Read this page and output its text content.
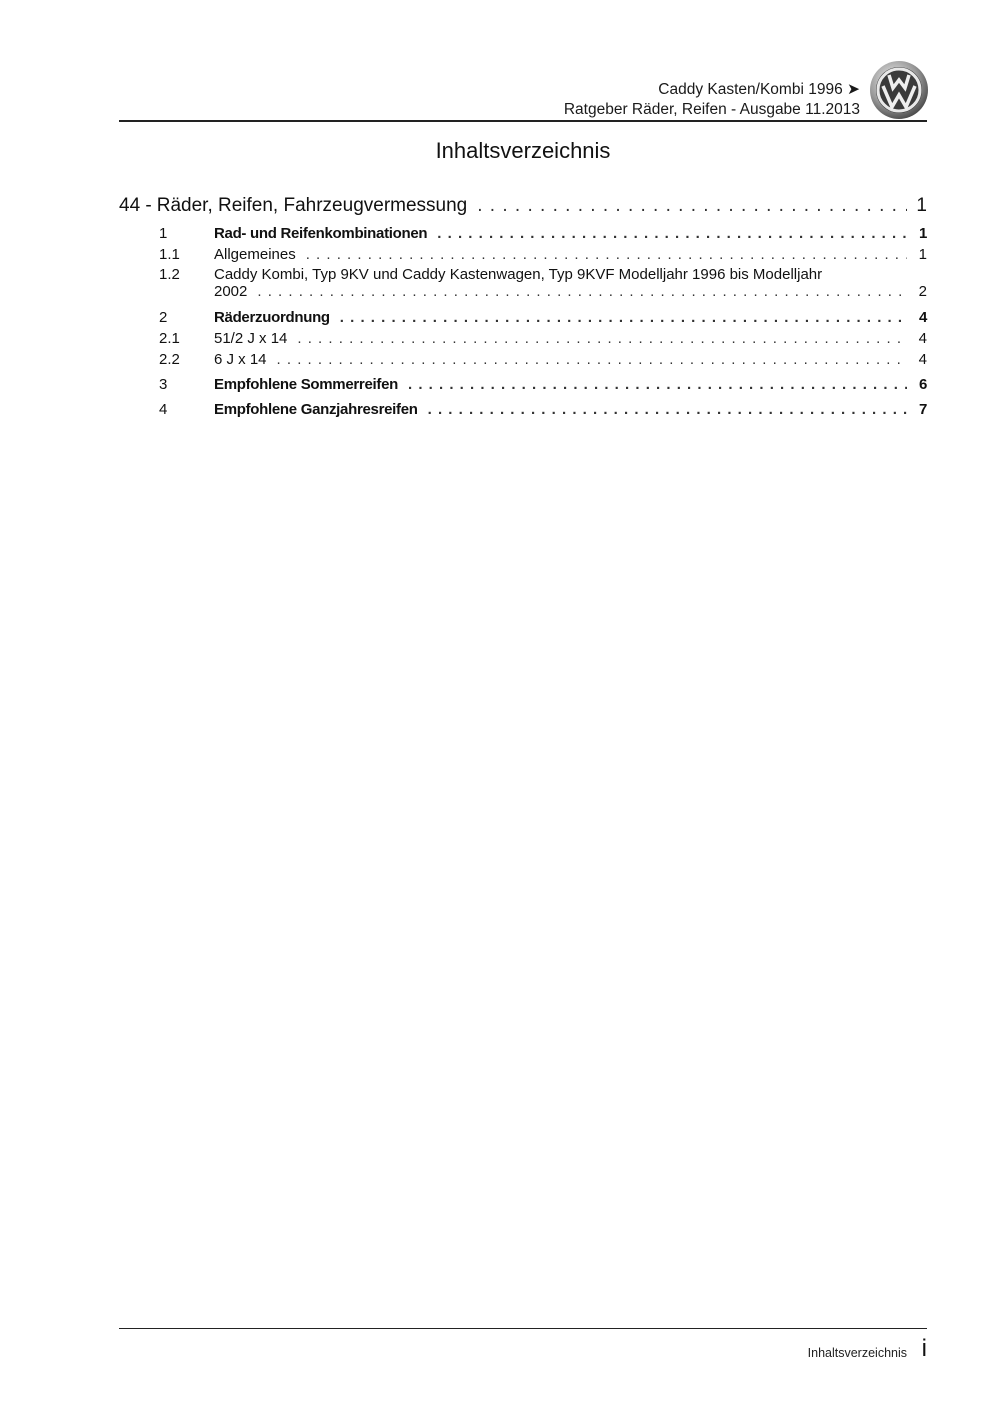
Caddy Kasten/Kombi 1996 ➤
Ratgeber Räder, Reifen - Ausgabe 11.2013
Inhaltsverzeichnis
44 - Räder, Reifen, Fahrzeugvermessung . . .	1
1	Rad- und Reifenkombinationen . . .	1
1.1	Allgemeines . . .	1
1.2	Caddy Kombi, Typ 9KV und Caddy Kastenwagen, Typ 9KVF Modelljahr 1996 bis Modelljahr
2002 . . .	2
2	Räderzuordnung . . .	4
2.1	51/2 J x 14 . . .	4
2.2	6 J x 14 . . .	4
3	Empfohlene Sommerreifen . . .	6
4	Empfohlene Ganzjahresreifen . . .	7
Inhaltsverzeichnis i
